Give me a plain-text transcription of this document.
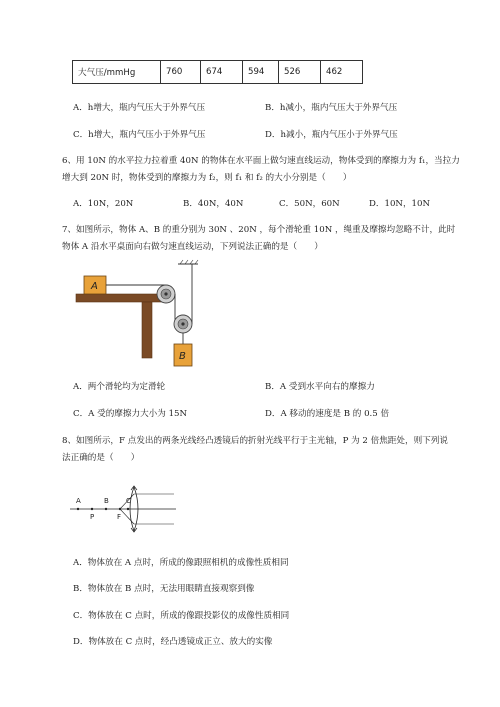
大气压/mmHg	760	674	594	526	462
A．h增大，瓶内气压大于外界气压	B．h减小，瓶内气压大于外界气压
C．h增大，瓶内气压小于外界气压	D．h减小，瓶内气压小于外界气压
6、用 10N 的水平拉力拉着重 40N 的物体在水平面上做匀速直线运动，物体受到的摩擦力为 f₁，当拉力
增大到 20N 时，物体受到的摩擦力为 f₂，则 f₁ 和 f₂ 的大小分别是（　　）
A．10N，20N	B．40N，40N	C．50N，60N	D．10N，10N
7、如图所示，物体 A、B 的重分别为 30N 、20N ，每个滑轮重 10N ，绳重及摩擦均忽略不计，此时
物体 A 沿水平桌面向右做匀速直线运动，下列说法正确的是（　　）
A
B
A．两个滑轮均为定滑轮	B．A 受到水平向右的摩擦力
C．A 受的摩擦力大小为 15N	D．A 移动的速度是 B 的 0.5 倍
8、如图所示，F 点发出的两条光线经凸透镜后的折射光线平行于主光轴，P 为 2 倍焦距处，则下列说
法正确的是（　　）
A
P
B
F
C
A．物体放在 A 点时，所成的像跟照相机的成像性质相同
B．物体放在 B 点时，无法用眼睛直接观察到像
C．物体放在 C 点时，所成的像跟投影仪的成像性质相同
D．物体放在 C 点时，经凸透镜成正立、放大的实像
